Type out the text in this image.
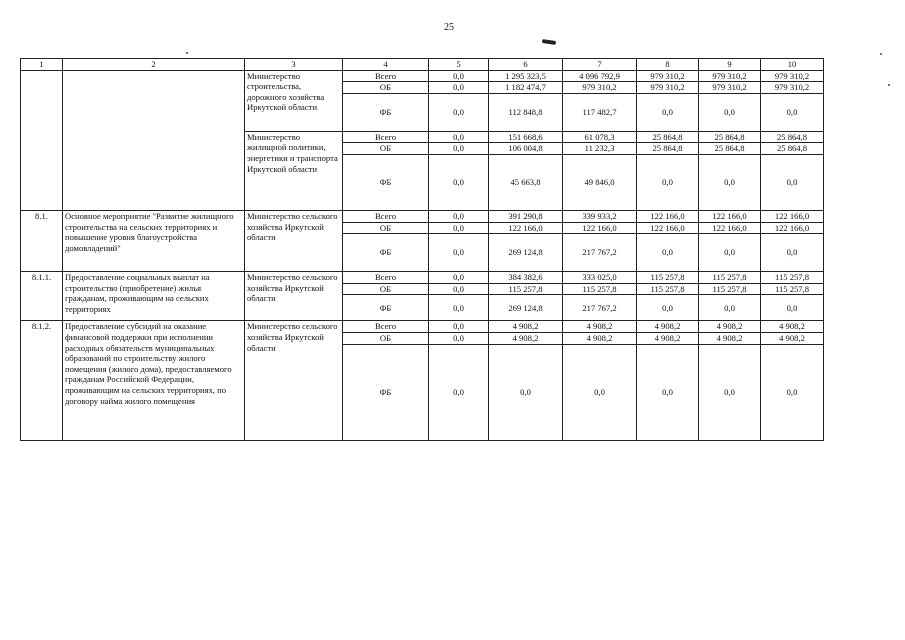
25
1	2	3	4	5	6	7	8	9	10
		Министерство строительства, дорожного хозяйства Иркутской области	Всего	0,0	1 295 323,5	4 096 792,9	979 310,2	979 310,2	979 310,2
			ОБ	0,0	1 182 474,7	979 310,2	979 310,2	979 310,2	979 310,2
			ФБ	0,0	112 848,8	117 482,7	0,0	0,0	0,0
		Министерство жилищной политики, энергетики и транспорта Иркутской области	Всего	0,0	151 668,6	61 078,3	25 864,8	25 864,8	25 864,8
			ОБ	0,0	106 004,8	11 232,3	25 864,8	25 864,8	25 864,8
			ФБ	0,0	45 663,8	49 846,0	0,0	0,0	0,0
8.1.	Основное мероприятие "Развитие жилищного строительства на сельских территориях и повышение уровня благоустройства домовладений"	Министерство сельского хозяйства Иркутской области	Всего	0,0	391 290,8	339 933,2	122 166,0	122 166,0	122 166,0
			ОБ	0,0	122 166,0	122 166,0	122 166,0	122 166,0	122 166,0
			ФБ	0,0	269 124,8	217 767,2	0,0	0,0	0,0
8.1.1.	Предоставление социальных выплат на строительство (приобретение) жилья гражданам, проживающим на сельских территориях	Министерство сельского хозяйства Иркутской области	Всего	0,0	384 382,6	333 025,0	115 257,8	115 257,8	115 257,8
			ОБ	0,0	115 257,8	115 257,8	115 257,8	115 257,8	115 257,8
			ФБ	0,0	269 124,8	217 767,2	0,0	0,0	0,0
8.1.2.	Предоставление субсидий на оказание финансовой поддержки при исполнении расходных обязательств муниципальных образований по строительству жилого помещения (жилого дома), предоставляемого гражданам Российской Федерации, проживающим на сельских территориях, по договору найма жилого помещения	Министерство сельского хозяйства Иркутской области	Всего	0,0	4 908,2	4 908,2	4 908,2	4 908,2	4 908,2
			ОБ	0,0	4 908,2	4 908,2	4 908,2	4 908,2	4 908,2
			ФБ	0,0	0,0	0,0	0,0	0,0	0,0
